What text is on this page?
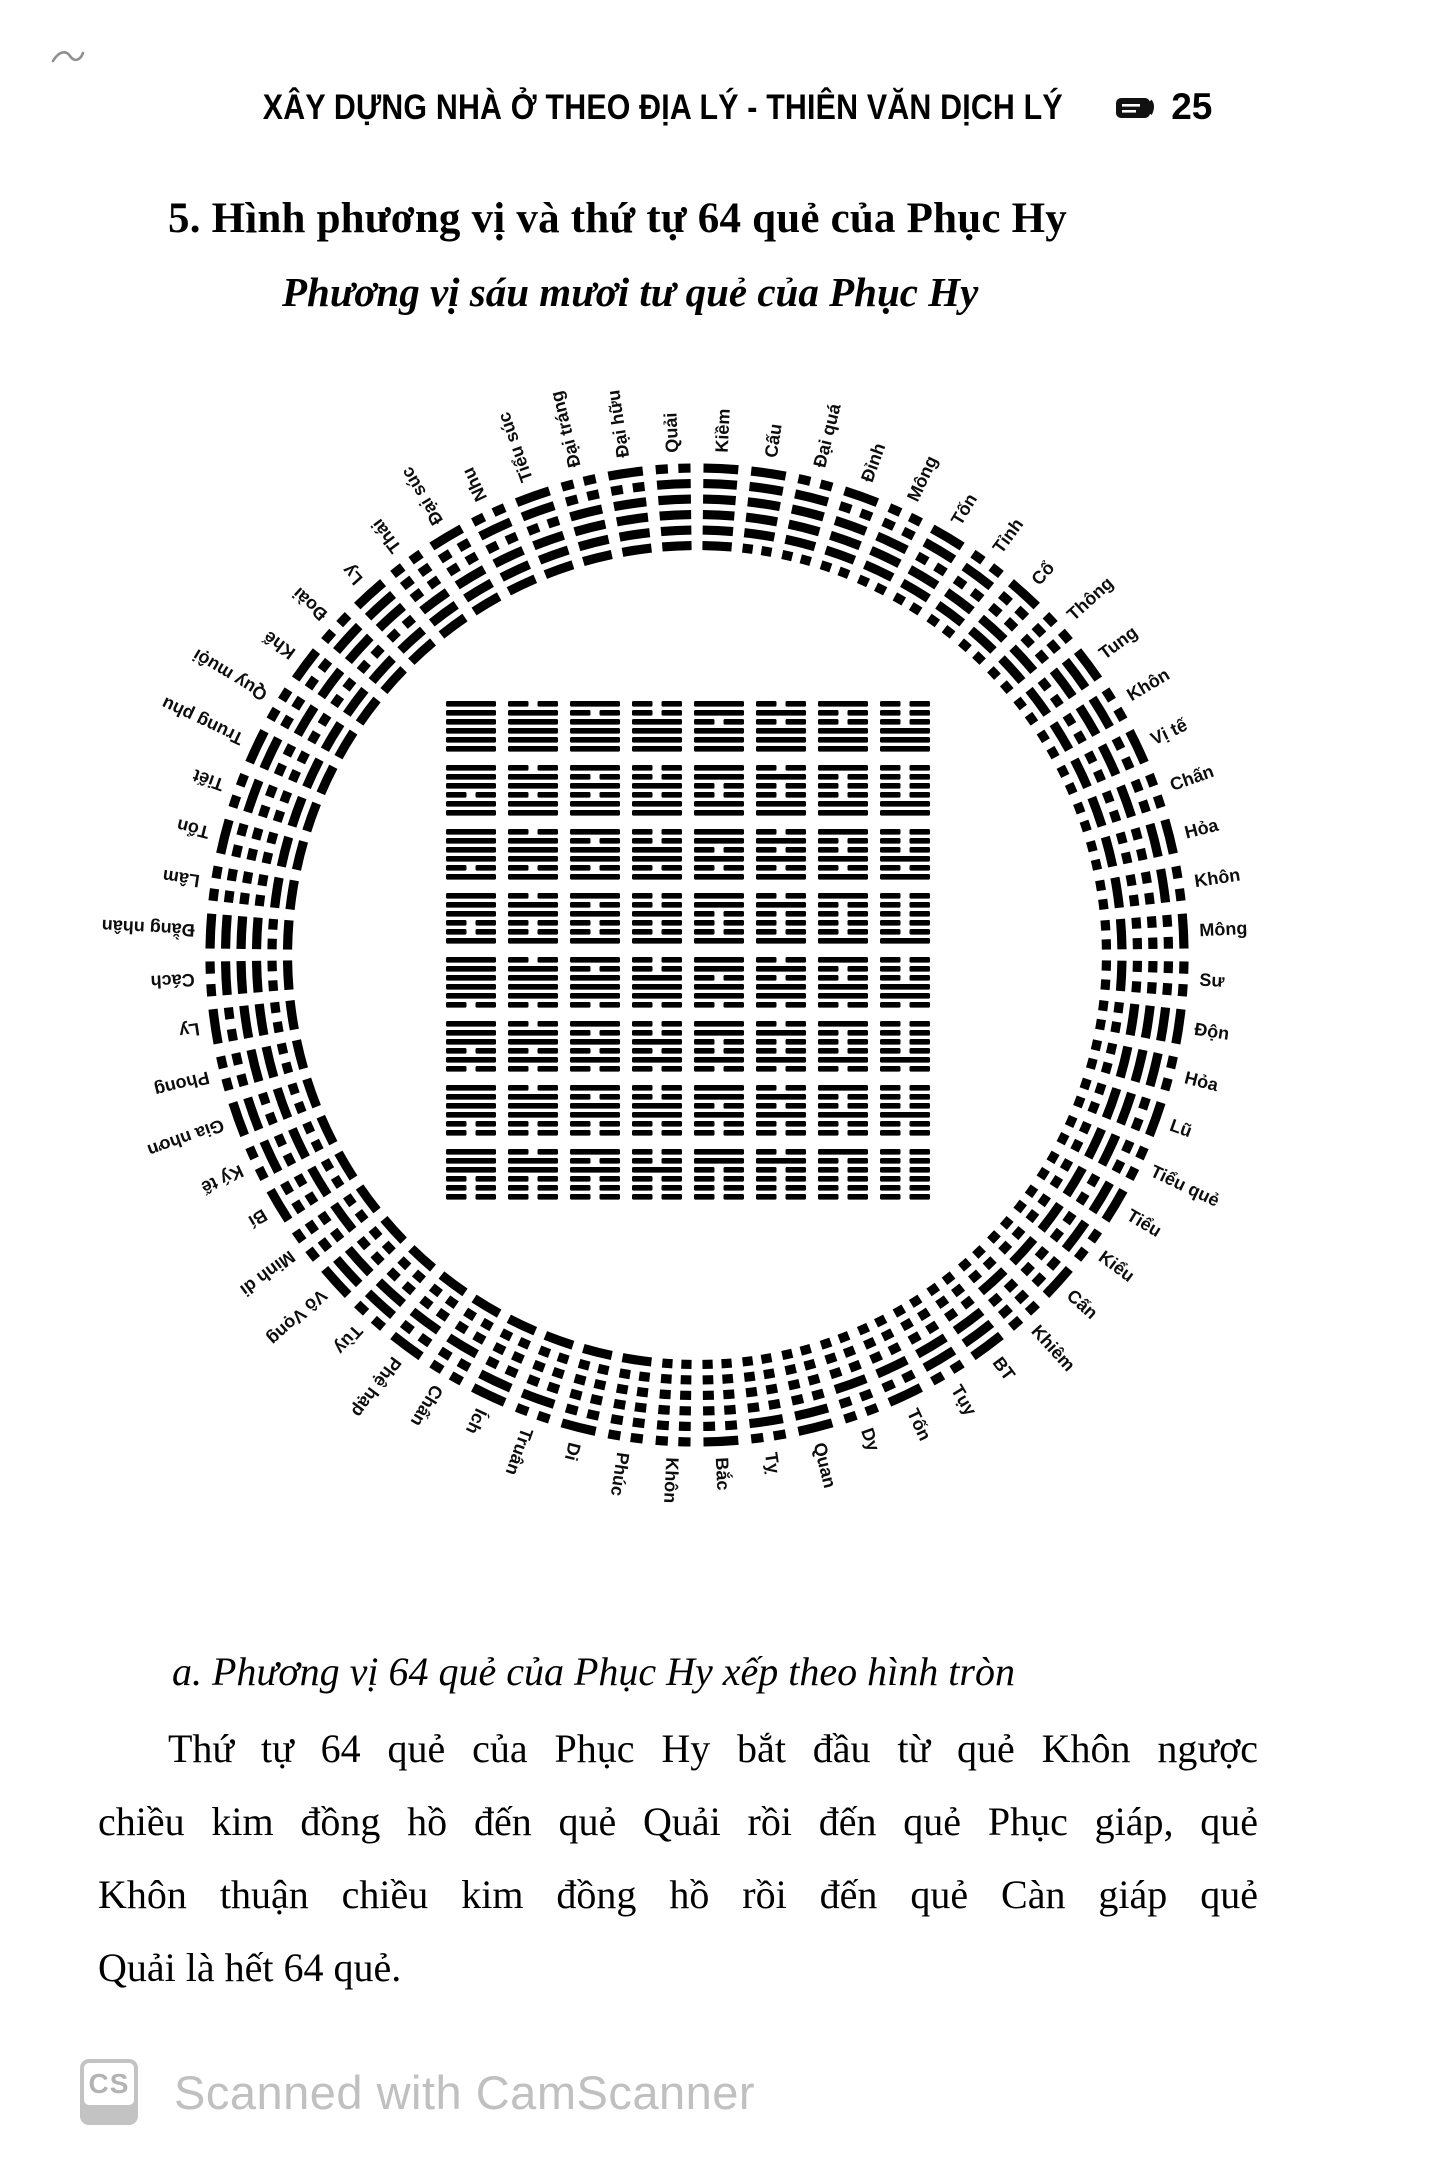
XÂY DỰNG NHÀ Ở THEO ĐỊA LÝ - THIÊN VĂN DỊCH LÝ	25
5. Hình phương vị và thứ tự 64 quẻ của Phục Hy
Phương vị sáu mươi tư quẻ của Phục Hy
Kiềm Cấu Đại quá Đỉnh Mông
Tốn
Tỉnh
Cổ Thông
Tung
Khôn
Vị tế
Chấn
Hỏa
Khôn
Mông
Sư
Độn
Hỏa
Lũ
Tiểu quẻ
Tiểu
Kiểu
Cấn
Khiêm
BT
Tụy
Tốn
Dy
Quan
Tỵ
Bắc
Khôn
Phúc
Di
Truân
Ích
Chấn
Phệ hạp
Tùy
Vô Vọng
Minh di
Bí
Ký tế
Gia nhơn
Phong
Ly
Cách
Đằng nhân
Lâm
Tổn
Tiết
Trung phu
Quy muội
Khế
Đoài
Ly
Thái
Đại súc Nhu Tiểu súc Đại tráng Đại hữu Quải
a. Phương vị 64 quẻ của Phục Hy xếp theo hình tròn
Thứ tự 64 quẻ của Phục Hy bắt đầu từ quẻ Khôn ngược
chiều kim đồng hồ đến quẻ Quải rồi đến quẻ Phục giáp, quẻ
Khôn thuận chiều kim đồng hồ rồi đến quẻ Càn giáp quẻ
Quải là hết 64 quẻ.
CS Scanned with CamScanner
